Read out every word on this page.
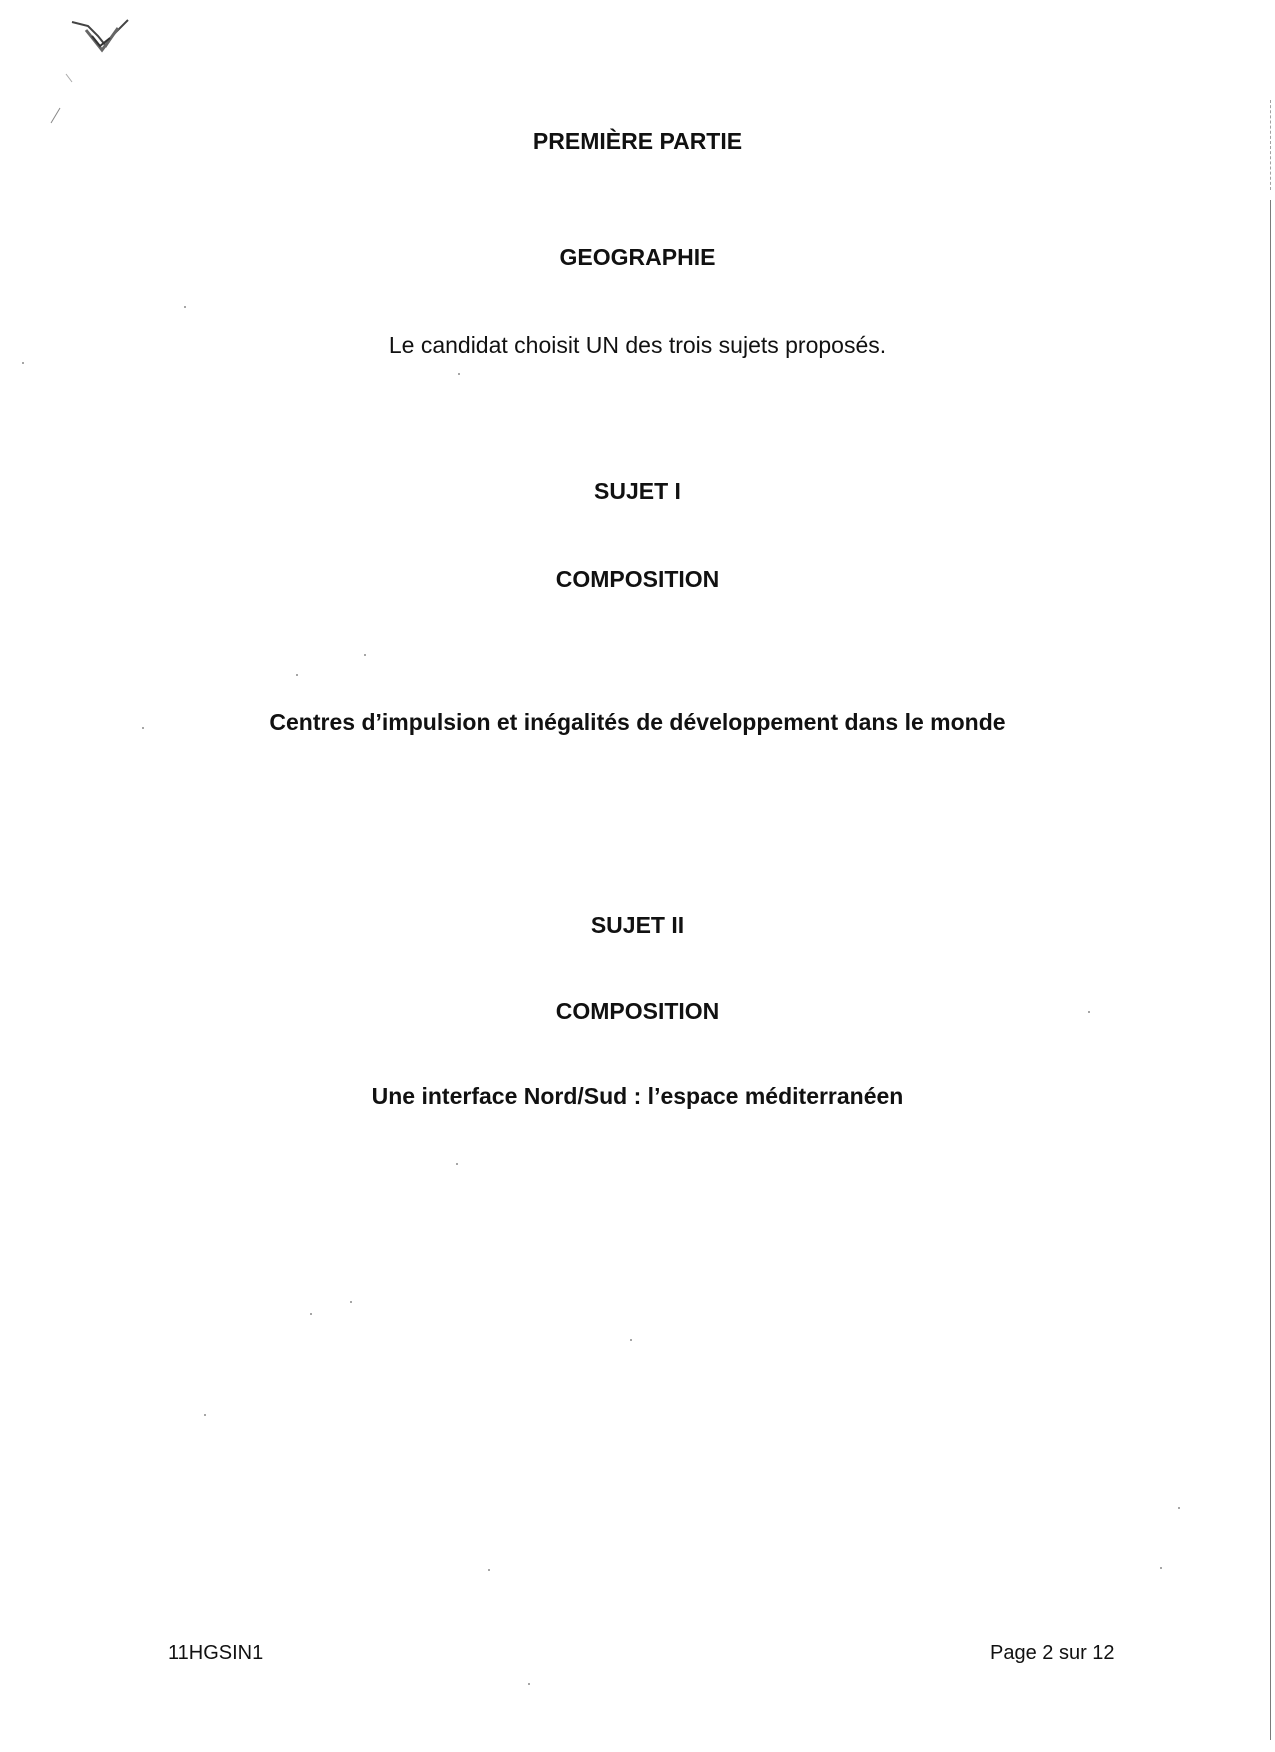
PREMIÈRE PARTIE
GEOGRAPHIE
Le candidat choisit UN des trois sujets proposés.
SUJET I
COMPOSITION
Centres d’impulsion et inégalités de développement dans le monde
SUJET II
COMPOSITION
Une interface Nord/Sud : l’espace méditerranéen
11HGSIN1	Page 2 sur 12
